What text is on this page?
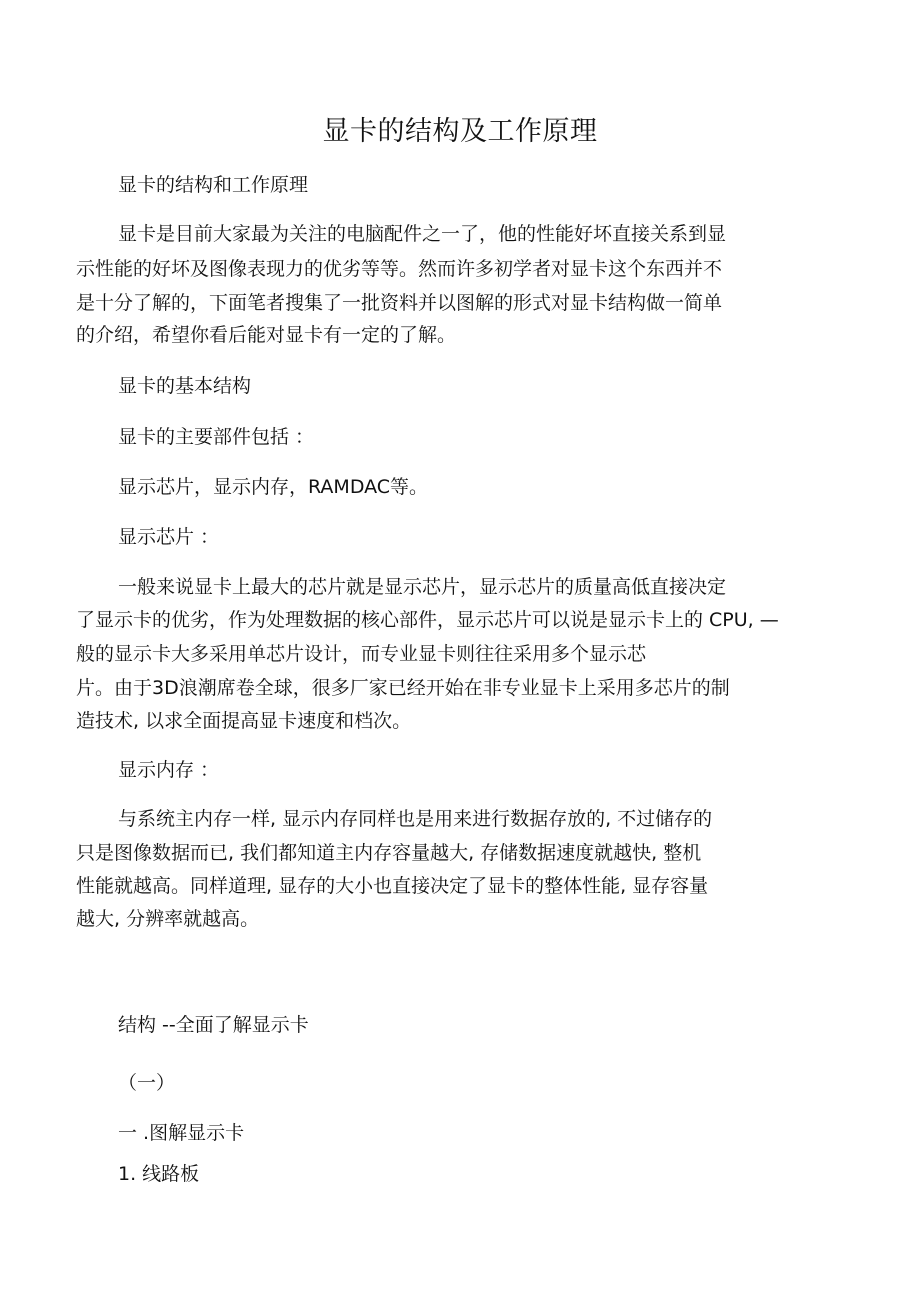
显卡的结构及工作原理
显卡的结构和工作原理
显卡是目前大家最为关注的电脑配件之一了，他的性能好坏直接关系到显
示性能的好坏及图像表现力的优劣等等。然而许多初学者对显卡这个东西并不
是十分了解的，下面笔者搜集了一批资料并以图解的形式对显卡结构做一简单
的介绍，希望你看后能对显卡有一定的了解。
显卡的基本结构
显卡的主要部件包括 ：
显示芯片，显示内存，RAMDAC等。
显示芯片 ：
一般来说显卡上最大的芯片就是显示芯片，显示芯片的质量高低直接决定
了显示卡的优劣，作为处理数据的核心部件，显示芯片可以说是显示卡上的 CPU, —
般的显示卡大多采用单芯片设计，而专业显卡则往往采用多个显示芯
片。由于3D浪潮席卷全球，很多厂家已经开始在非专业显卡上采用多芯片的制
造技术, 以求全面提高显卡速度和档次。
显示内存 ：
与系统主内存一样, 显示内存同样也是用来进行数据存放的, 不过储存的
只是图像数据而已, 我们都知道主内存容量越大, 存储数据速度就越快, 整机
性能就越高。同样道理, 显存的大小也直接决定了显卡的整体性能, 显存容量
越大, 分辨率就越高。
结构 --全面了解显示卡
（一）
一 .图解显示卡
1. 线路板
